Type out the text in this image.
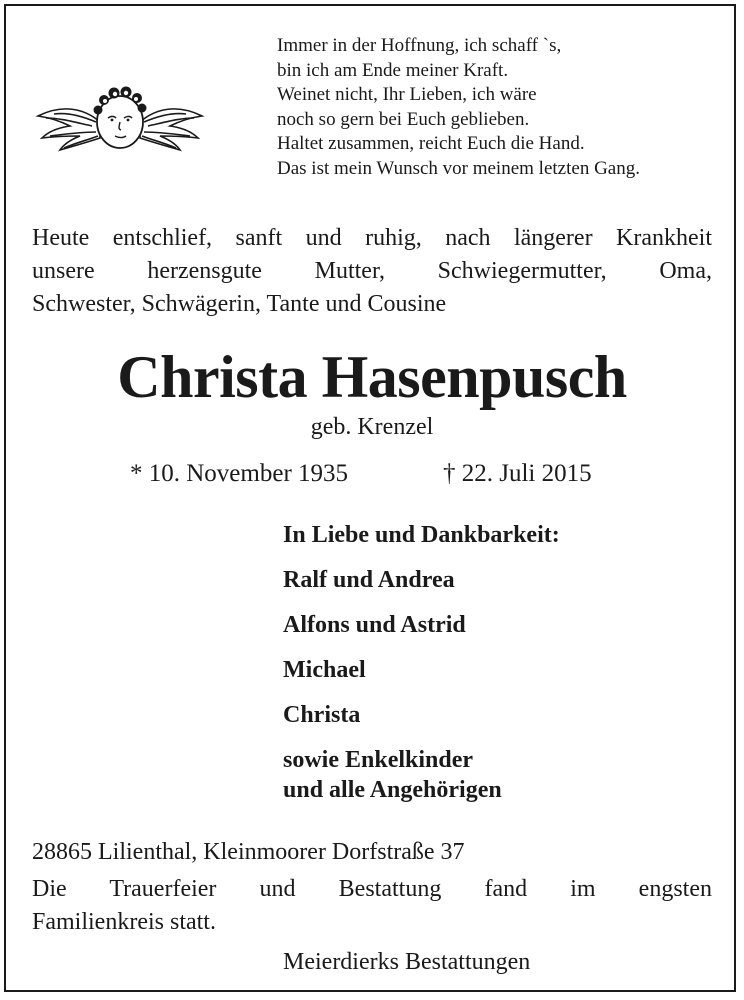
Immer in der Hoffnung, ich schaff `s,
bin ich am Ende meiner Kraft.
Weinet nicht, Ihr Lieben, ich wäre
noch so gern bei Euch geblieben.
Haltet zusammen, reicht Euch die Hand.
Das ist mein Wunsch vor meinem letzten Gang.
Heute entschlief, sanft und ruhig, nach längerer Krankheit
unsere herzensgute Mutter, Schwiegermutter, Oma,
Schwester, Schwägerin, Tante und Cousine
Christa Hasenpusch
geb. Krenzel
* 10. November 1935	† 22. Juli 2015
In Liebe und Dankbarkeit:
Ralf und Andrea
Alfons und Astrid
Michael
Christa
sowie Enkelkinder
und alle Angehörigen
28865 Lilienthal, Kleinmoorer Dorfstraße 37
Die Trauerfeier und Bestattung fand im engsten
Familienkreis statt.
Meierdierks Bestattungen
